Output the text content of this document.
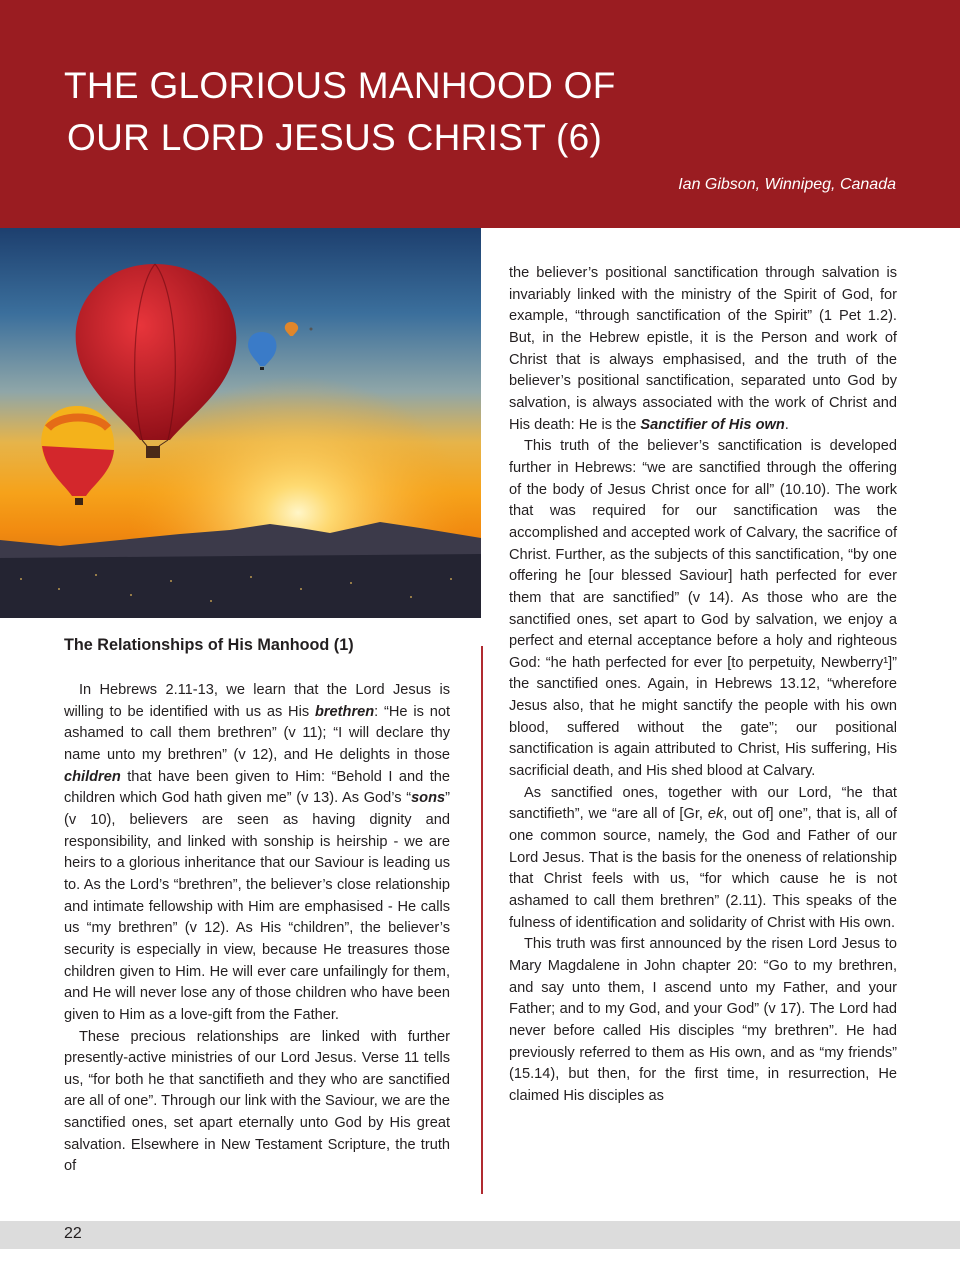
THE GLORIOUS MANHOOD OF
OUR LORD JESUS CHRIST (6)
Ian Gibson, Winnipeg, Canada
The Relationships of His Manhood (1)

In Hebrews 2.11-13, we learn that the Lord Jesus is willing to be identified with us as His brethren: “He is not ashamed to call them brethren” (v 11); “I will declare thy name unto my brethren” (v 12), and He delights in those children that have been given to Him: “Behold I and the children which God hath given me” (v 13). As God’s “sons” (v 10), believers are seen as having dignity and responsibility, and linked with sonship is heirship - we are heirs to a glorious inheritance that our Saviour is leading us to. As the Lord’s “brethren”, the believer’s close relationship and intimate fellowship with Him are emphasised - He calls us “my brethren” (v 12). As His “children”, the believer’s security is especially in view, because He treasures those children given to Him. He will ever care unfailingly for them, and He will never lose any of those children who have been given to Him as a love-gift from the Father.

These precious relationships are linked with further presently-active ministries of our Lord Jesus. Verse 11 tells us, “for both he that sanctifieth and they who are sanctified are all of one”. Through our link with the Saviour, we are the sanctified ones, set apart eternally unto God by His great salvation. Elsewhere in New Testament Scripture, the truth of

the believer’s positional sanctification through salvation is invariably linked with the ministry of the Spirit of God, for example, “through sanctification of the Spirit” (1 Pet 1.2). But, in the Hebrew epistle, it is the Person and work of Christ that is always emphasised, and the truth of the believer’s positional sanctification, separated unto God by salvation, is always associated with the work of Christ and His death: He is the Sanctifier of His own.

This truth of the believer’s sanctification is developed further in Hebrews: “we are sanctified through the offering of the body of Jesus Christ once for all” (10.10). The work that was required for our sanctification was the accomplished and accepted work of Calvary, the sacrifice of Christ. Further, as the subjects of this sanctification, “by one offering he [our blessed Saviour] hath perfected for ever them that are sanctified” (v 14). As those who are the sanctified ones, set apart to God by salvation, we enjoy a perfect and eternal acceptance before a holy and righteous God: “he hath perfected for ever [to perpetuity, Newberry¹]” the sanctified ones. Again, in Hebrews 13.12, “wherefore Jesus also, that he might sanctify the people with his own blood, suffered without the gate”; our positional sanctification is again attributed to Christ, His suffering, His sacrificial death, and His shed blood at Calvary.

As sanctified ones, together with our Lord, “he that sanctifieth”, we “are all of [Gr, ek, out of] one”, that is, all of one common source, namely, the God and Father of our Lord Jesus. That is the basis for the oneness of relationship that Christ feels with us, “for which cause he is not ashamed to call them brethren” (2.11). This speaks of the fulness of identification and solidarity of Christ with His own.

This truth was first announced by the risen Lord Jesus to Mary Magdalene in John chapter 20: “Go to my brethren, and say unto them, I ascend unto my Father, and your Father; and to my God, and your God” (v 17). The Lord had never before called His disciples “my brethren”. He had previously referred to them as His own, and as “my friends” (15.14), but then, for the first time, in resurrection, He claimed His disciples as

22
